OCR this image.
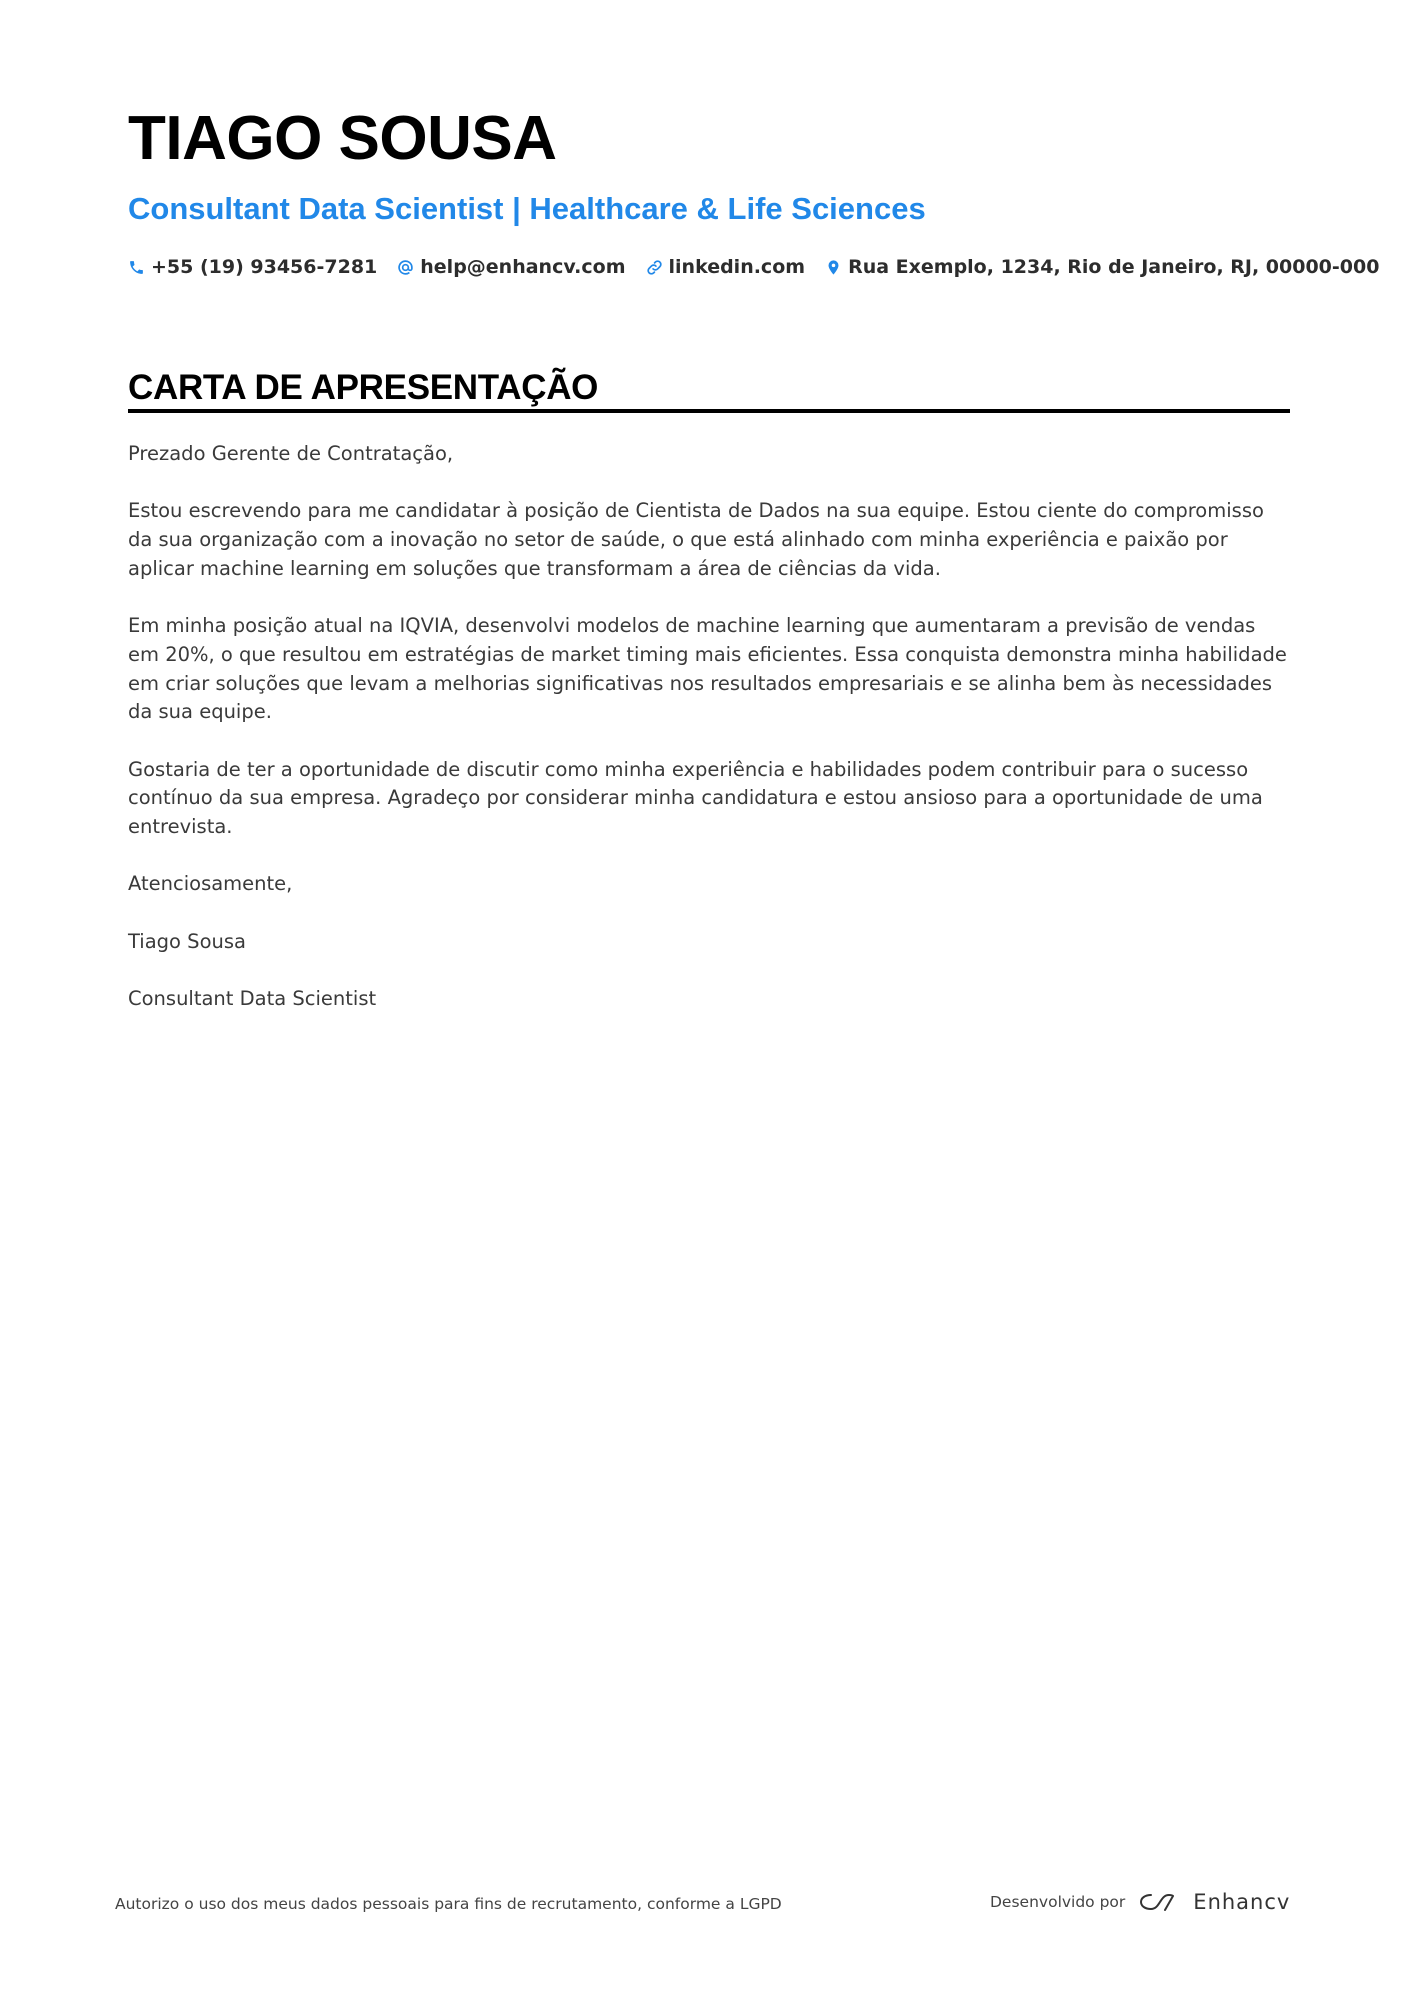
TIAGO SOUSA
Consultant Data Scientist | Healthcare & Life Sciences
+55 (19) 93456-7281 help@enhancv.com linkedin.com Rua Exemplo, 1234, Rio de Janeiro, RJ, 00000-000
CARTA DE APRESENTAÇÃO

Prezado Gerente de Contratação,

Estou escrevendo para me candidatar à posição de Cientista de Dados na sua equipe. Estou ciente do compromisso da sua organização com a inovação no setor de saúde, o que está alinhado com minha experiência e paixão por aplicar machine learning em soluções que transformam a área de ciências da vida.

Em minha posição atual na IQVIA, desenvolvi modelos de machine learning que aumentaram a previsão de vendas em 20%, o que resultou em estratégias de market timing mais eficientes. Essa conquista demonstra minha habilidade em criar soluções que levam a melhorias significativas nos resultados empresariais e se alinha bem às necessidades da sua equipe.

Gostaria de ter a oportunidade de discutir como minha experiência e habilidades podem contribuir para o sucesso contínuo da sua empresa. Agradeço por considerar minha candidatura e estou ansioso para a oportunidade de uma entrevista.

Atenciosamente,

Tiago Sousa

Consultant Data Scientist

Autorizo o uso dos meus dados pessoais para fins de recrutamento, conforme a LGPD	Desenvolvido por	Enhancv
